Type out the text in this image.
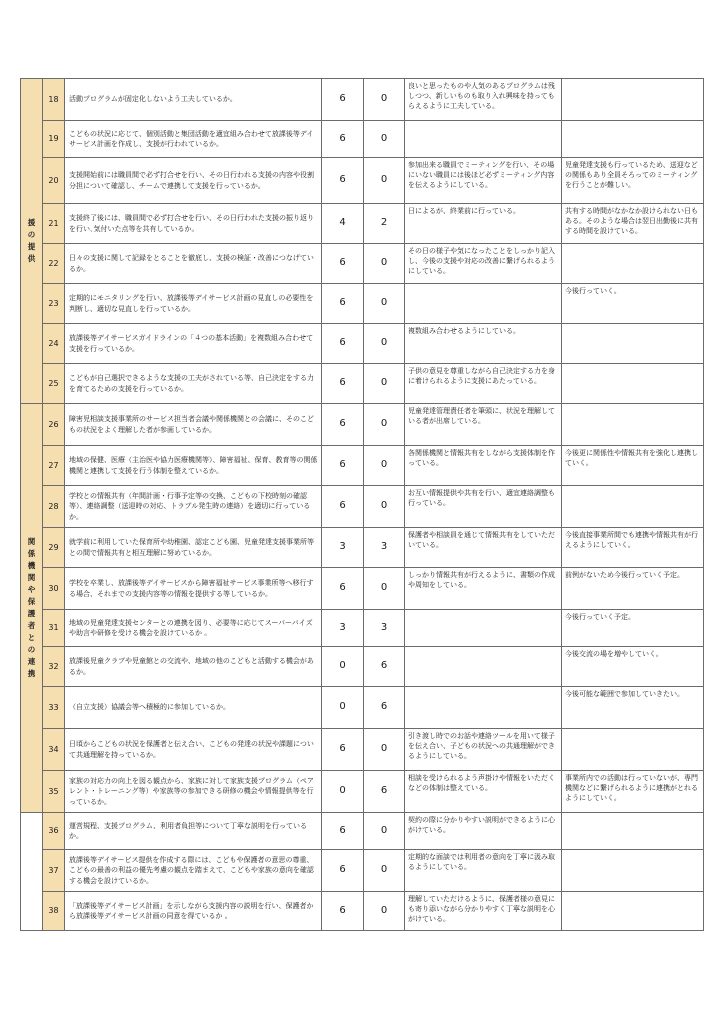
援の提供	18	活動プログラムが固定化しないよう工夫しているか。	6	0	良いと思ったものや人気のあるプログラムは残しつつ、新しいものも取り入れ興味を持ってもらえるように工夫している。	
	19	こどもの状況に応じて、個別活動と集団活動を適宜組み合わせて放課後等デイサービス計画を作成し、支援が行われているか。	6	0		
	20	支援開始前には職員間で必ず打合せを行い、その日行われる支援の内容や役割分担について確認し、チームで連携して支援を行っているか。	6	0	参加出来る職員でミーティングを行い、その場にいない職員には後ほど必ずミーティング内容を伝えるようにしている。	児童発達支援も行っているため、送迎などの関係もあり全員そろってのミーティングを行うことが難しい。
	21	支援終了後には、職員間で必ず打合せを行い、その日行われた支援の振り返りを行い､気付いた点等を共有しているか。	4	2	日によるが、終業前に行っている。	共有する時間がなかなか設けられない日もある。そのような場合は翌日出勤後に共有する時間を設けている。
	22	日々の支援に関して記録をとることを徹底し、支援の検証・改善につなげているか。	6	0	その日の様子や気になったことをしっかり記入し、今後の支援や対応の改善に繋げられるようにしている。	
	23	定期的にモニタリングを行い、放課後等デイサービス計画の見直しの必要性を判断し、適切な見直しを行っているか。	6	0		今後行っていく。
	24	放課後等デイサービスガイドラインの「４つの基本活動」を複数組み合わせて支援を行っているか。	6	0	複数組み合わせるようにしている。	
	25	こどもが自己選択できるような支援の工夫がされている等、自己決定をする力を育てるための支援を行っているか。	6	0	子供の意見を尊重しながら自己決定する力を身に着けられるように支援にあたっている。	

関係機関や保護者との連携	26	障害児相談支援事業所のサービス担当者会議や関係機関との会議に、そのこどもの状況をよく理解した者が参画しているか。	6	0	児童発達管理責任者を筆頭に、状況を理解している者が出席している。	
	27	地域の保健、医療（主治医や協力医療機関等）、障害福祉、保育、教育等の関係機関と連携して支援を行う体制を整えているか。	6	0	各関係機関と情報共有をしながら支援体制を作っている。	今後更に関係性や情報共有を強化し連携していく。
	28	学校との情報共有（年間計画・行事予定等の交換、こどもの下校時刻の確認等）、連絡調整（送迎時の対応、トラブル発生時の連絡）を適切に行っているか。	6	0	お互い情報提供や共有を行い、適宜連絡調整も行っている。	
	29	就学前に利用していた保育所や幼稚園、認定こども園、児童発達支援事業所等との間で情報共有と相互理解に努めているか。	3	3	保護者や相談員を通じて情報共有をしていただいている。	今後直接事業所間でも連携や情報共有が行えるようにしていく。
	30	学校を卒業し、放課後等デイサービスから障害福祉サービス事業所等へ移行する場合、それまでの支援内容等の情報を提供する等しているか。	6	0	しっかり情報共有が行えるように、書類の作成や周知をしている。	前例がないため今後行っていく予定。
	31	地域の児童発達支援センターとの連携を図り、必要等に応じてスーパーバイズや助言や研修を受ける機会を設けているか 。	3	3		今後行っていく予定。
	32	放課後児童クラブや児童館との交流や、地域の他のこどもと活動する機会があるか。	0	6		今後交流の場を増やしていく。
	33	（自立支援）協議会等へ積極的に参加しているか。	0	6		今後可能な範囲で参加していきたい。
	34	日頃からこどもの状況を保護者と伝え合い、こどもの発達の状況や課題について共通理解を持っているか。	6	0	引き渡し時でのお話や連絡ツールを用いて様子を伝え合い、子どもの状況への共通理解ができるようにしている。	
	35	家族の対応力の向上を図る観点から、家族に対して家族支援プログラム（ペアレント・トレーニング等）や家族等の参加できる研修の機会や情報提供等を行っているか。	0	6	相談を受けられるよう声掛けや情報をいただくなどの体制は整えている。	事業所内での活動は行っていないが、専門機関などに繋げられるように連携がとれるようにしていく。
	36	運営規程、支援プログラム、利用者負担等について丁寧な説明を行っているか。	6	0	契約の際に分かりやすい説明ができるように心がけている。	
	37	放課後等デイサービス提供を作成する際には、こどもや保護者の意思の尊重、こどもの最善の利益の優先考慮の観点を踏まえて、こどもや家族の意向を確認する機会を設けているか。	6	0	定期的な面談では利用者の意向を丁寧に汲み取るようにしている。	
	38	「放課後等デイサービス計画」を示しながら支援内容の説明を行い、保護者から放課後等デイサービス計画の同意を得ているか 。	6	0	理解していただけるように、保護者様の意見にも寄り添いながら分かりやすく丁寧な説明を心がけている。	
